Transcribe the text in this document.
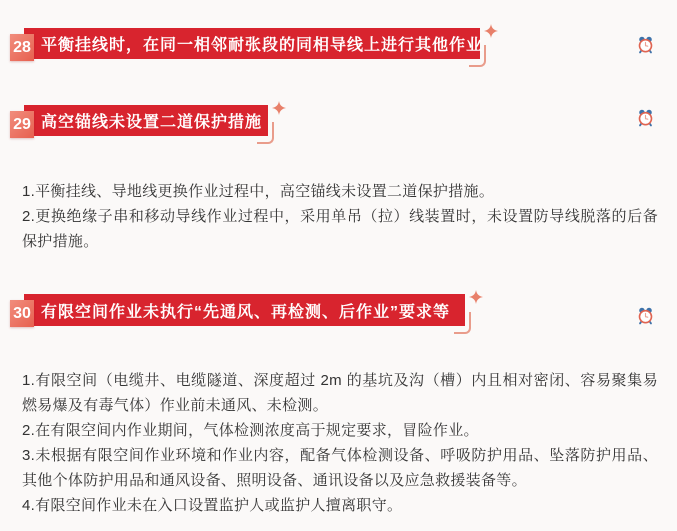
28 平衡挂线时，在同一相邻耐张段的同相导线上进行其他作业
29 高空锚线未设置二道保护措施

1.平衡挂线、导地线更换作业过程中，高空锚线未设置二道保护措施。

2.更换绝缘子串和移动导线作业过程中，采用单吊（拉）线装置时，未设置防导线脱落的后备保护措施。

30 有限空间作业未执行“先通风、再检测、后作业”要求等

1.有限空间（电缆井、电缆隧道、深度超过 2m 的基坑及沟（槽）内且相对密闭、容易聚集易燃易爆及有毒气体）作业前未通风、未检测。

2.在有限空间内作业期间，气体检测浓度高于规定要求，冒险作业。

3.未根据有限空间作业环境和作业内容，配备气体检测设备、呼吸防护用品、坠落防护用品、其他个体防护用品和通风设备、照明设备、通讯设备以及应急救援装备等。

4.有限空间作业未在入口设置监护人或监护人擅离职守。
